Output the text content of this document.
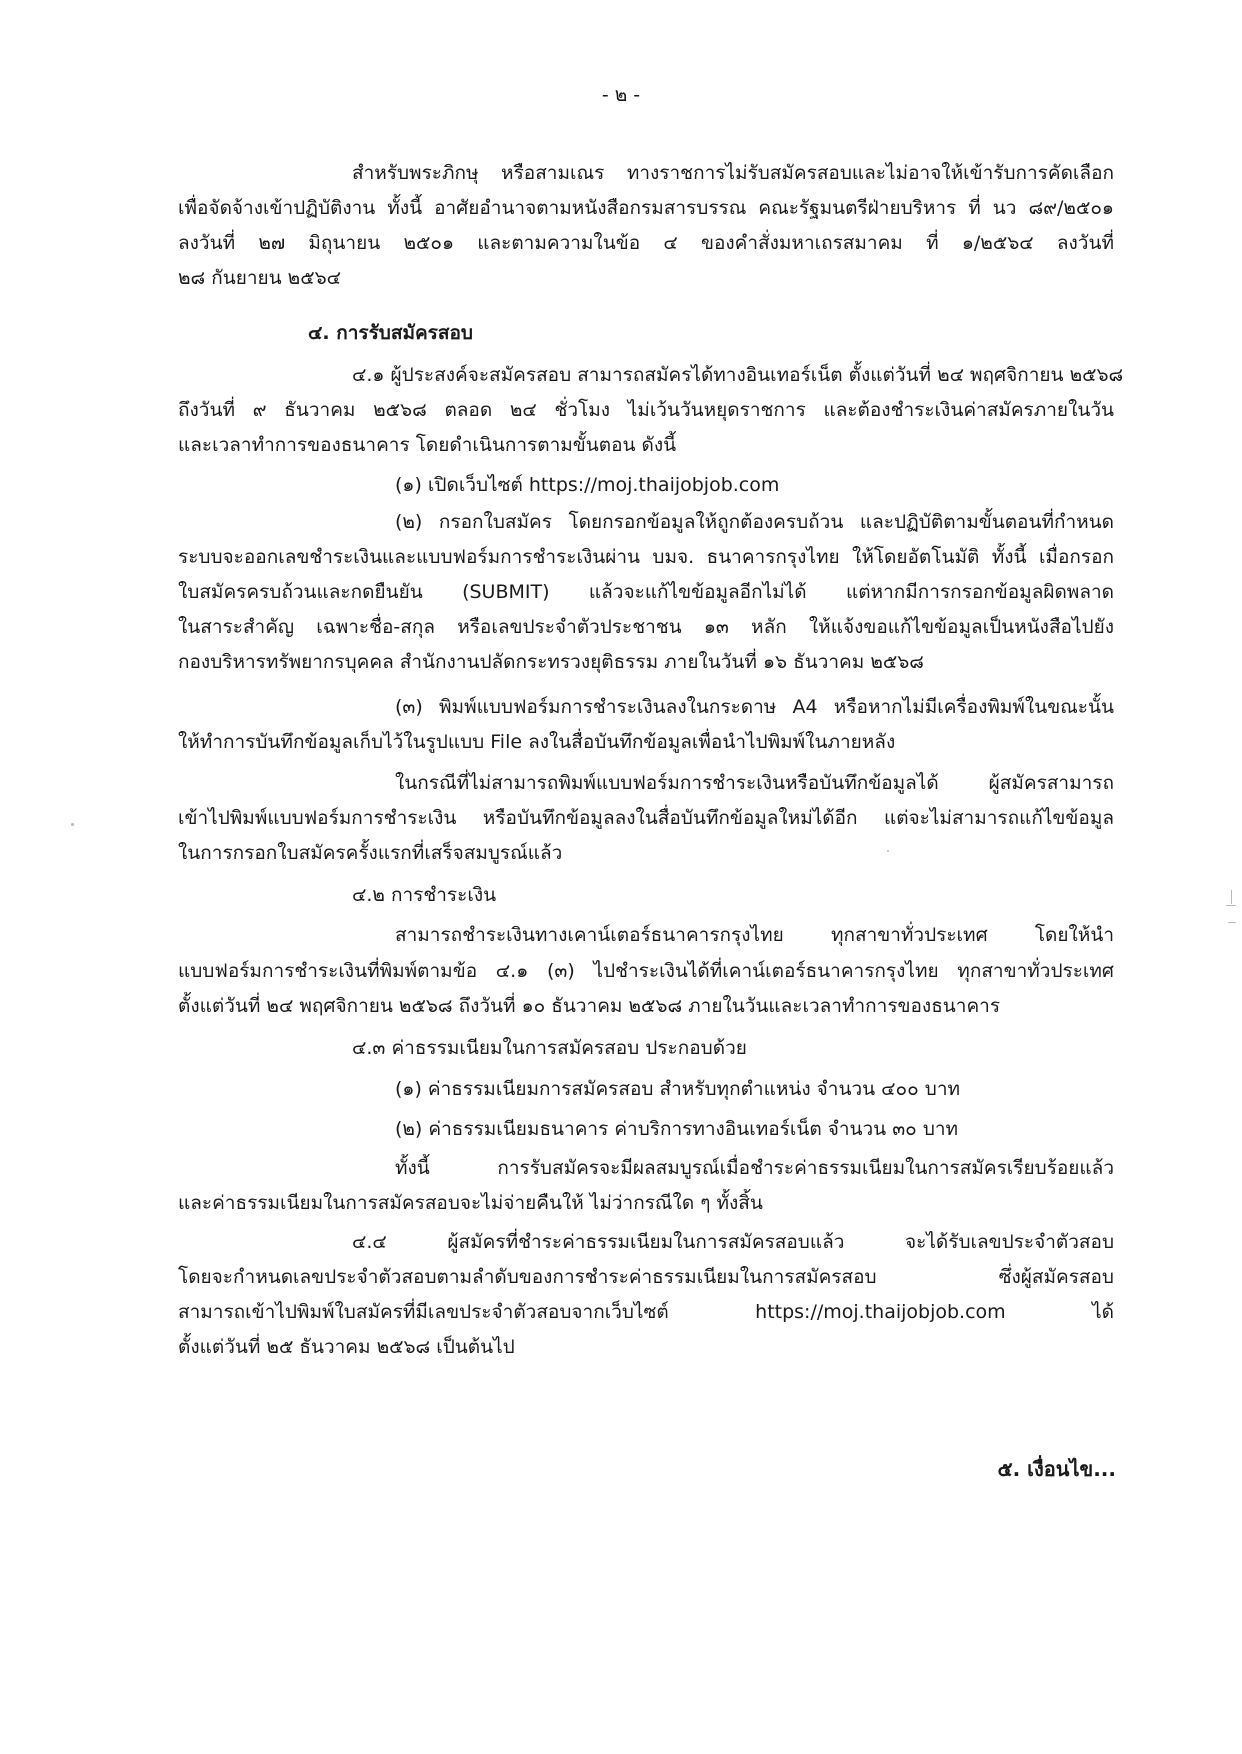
- ๒ -
สำหรับพระภิกษุ หรือสามเณร ทางราชการไม่รับสมัครสอบและไม่อาจให้เข้ารับการคัดเลือก
เพื่อจัดจ้างเข้าปฏิบัติงาน ทั้งนี้ อาศัยอำนาจตามหนังสือกรมสารบรรณ คณะรัฐมนตรีฝ่ายบริหาร ที่ นว ๘๙/๒๕๐๑
ลงวันที่ ๒๗ มิถุนายน ๒๕๐๑ และตามความในข้อ ๔ ของคำสั่งมหาเถรสมาคม ที่ ๑/๒๕๖๔ ลงวันที่
๒๘ กันยายน ๒๕๖๔
๔. การรับสมัครสอบ
๔.๑ ผู้ประสงค์จะสมัครสอบ สามารถสมัครได้ทางอินเทอร์เน็ต ตั้งแต่วันที่ ๒๔ พฤศจิกายน ๒๕๖๘
ถึงวันที่ ๙ ธันวาคม ๒๕๖๘ ตลอด ๒๔ ชั่วโมง ไม่เว้นวันหยุดราชการ และต้องชำระเงินค่าสมัครภายในวัน
และเวลาทำการของธนาคาร โดยดำเนินการตามขั้นตอน ดังนี้
(๑) เปิดเว็บไซต์ https://moj.thaijobjob.com
(๒) กรอกใบสมัคร โดยกรอกข้อมูลให้ถูกต้องครบถ้วน และปฏิบัติตามขั้นตอนที่กำหนด
ระบบจะออกเลขชำระเงินและแบบฟอร์มการชำระเงินผ่าน บมจ. ธนาคารกรุงไทย ให้โดยอัตโนมัติ ทั้งนี้ เมื่อกรอก
ใบสมัครครบถ้วนและกดยืนยัน (SUBMIT) แล้วจะแก้ไขข้อมูลอีกไม่ได้ แต่หากมีการกรอกข้อมูลผิดพลาด
ในสาระสำคัญ เฉพาะชื่อ-สกุล หรือเลขประจำตัวประชาชน ๑๓ หลัก ให้แจ้งขอแก้ไขข้อมูลเป็นหนังสือไปยัง
กองบริหารทรัพยากรบุคคล สำนักงานปลัดกระทรวงยุติธรรม ภายในวันที่ ๑๖ ธันวาคม ๒๕๖๘
(๓) พิมพ์แบบฟอร์มการชำระเงินลงในกระดาษ A4 หรือหากไม่มีเครื่องพิมพ์ในขณะนั้น
ให้ทำการบันทึกข้อมูลเก็บไว้ในรูปแบบ File ลงในสื่อบันทึกข้อมูลเพื่อนำไปพิมพ์ในภายหลัง
ในกรณีที่ไม่สามารถพิมพ์แบบฟอร์มการชำระเงินหรือบันทึกข้อมูลได้ ผู้สมัครสามารถ
เข้าไปพิมพ์แบบฟอร์มการชำระเงิน หรือบันทึกข้อมูลลงในสื่อบันทึกข้อมูลใหม่ได้อีก แต่จะไม่สามารถแก้ไขข้อมูล
ในการกรอกใบสมัครครั้งแรกที่เสร็จสมบูรณ์แล้ว
๔.๒ การชำระเงิน
สามารถชำระเงินทางเคาน์เตอร์ธนาคารกรุงไทย ทุกสาขาทั่วประเทศ โดยให้นำ
แบบฟอร์มการชำระเงินที่พิมพ์ตามข้อ ๔.๑ (๓) ไปชำระเงินได้ที่เคาน์เตอร์ธนาคารกรุงไทย ทุกสาขาทั่วประเทศ
ตั้งแต่วันที่ ๒๔ พฤศจิกายน ๒๕๖๘ ถึงวันที่ ๑๐ ธันวาคม ๒๕๖๘ ภายในวันและเวลาทำการของธนาคาร
๔.๓ ค่าธรรมเนียมในการสมัครสอบ ประกอบด้วย
(๑) ค่าธรรมเนียมการสมัครสอบ สำหรับทุกตำแหน่ง จำนวน ๔๐๐ บาท
(๒) ค่าธรรมเนียมธนาคาร ค่าบริการทางอินเทอร์เน็ต จำนวน ๓๐ บาท
ทั้งนี้ การรับสมัครจะมีผลสมบูรณ์เมื่อชำระค่าธรรมเนียมในการสมัครเรียบร้อยแล้ว
และค่าธรรมเนียมในการสมัครสอบจะไม่จ่ายคืนให้ ไม่ว่ากรณีใด ๆ ทั้งสิ้น
๔.๔ ผู้สมัครที่ชำระค่าธรรมเนียมในการสมัครสอบแล้ว จะได้รับเลขประจำตัวสอบ
โดยจะกำหนดเลขประจำตัวสอบตามลำดับของการชำระค่าธรรมเนียมในการสมัครสอบ ซึ่งผู้สมัครสอบ
สามารถเข้าไปพิมพ์ใบสมัครที่มีเลขประจำตัวสอบจากเว็บไซต์ https://moj.thaijobjob.com ได้
ตั้งแต่วันที่ ๒๕ ธันวาคม ๒๕๖๘ เป็นต้นไป
๕. เงื่อนไข...
